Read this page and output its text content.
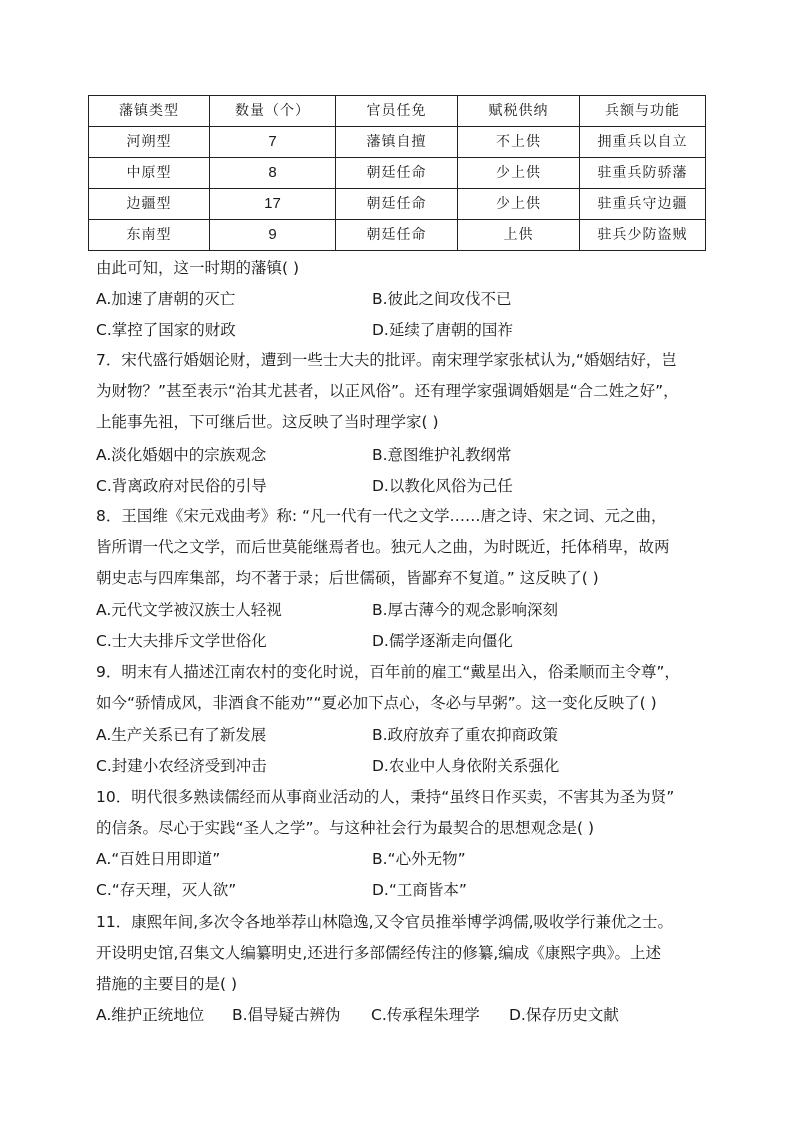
藩镇类型	数量（个）	官员任免	赋税供纳	兵额与功能
河朔型	7	藩镇自擅	不上供	拥重兵以自立
中原型	8	朝廷任命	少上供	驻重兵防骄藩
边疆型	17	朝廷任命	少上供	驻重兵守边疆
东南型	9	朝廷任命	上供	驻兵少防盗贼
由此可知，这一时期的藩镇( )
A.加速了唐朝的灭亡	B.彼此之间攻伐不已
C.掌控了国家的财政	D.延续了唐朝的国祚
7．宋代盛行婚姻论财，遭到一些士大夫的批评。南宋理学家张栻认为,“婚姻结好，岂
为财物？”甚至表示“治其尤甚者，以正风俗”。还有理学家强调婚姻是“合二姓之好”，
上能事先祖，下可继后世。这反映了当时理学家( )
A.淡化婚姻中的宗族观念	B.意图维护礼教纲常
C.背离政府对民俗的引导	D.以教化风俗为己任
8．王国维《宋元戏曲考》称: “凡一代有一代之文学……唐之诗、宋之词、元之曲，
皆所谓一代之文学，而后世莫能继焉者也。独元人之曲，为时既近，托体稍卑，故两
朝史志与四库集部，均不著于录；后世儒硕，皆鄙弃不复道。” 这反映了( )
A.元代文学被汉族士人轻视	B.厚古薄今的观念影响深刻
C.士大夫排斥文学世俗化	D.儒学逐渐走向僵化
9．明末有人描述江南农村的变化时说，百年前的雇工“戴星出入，俗柔顺而主令尊”，
如今“骄情成风，非酒食不能劝”“夏必加下点心，冬必与早粥”。这一变化反映了( )
A.生产关系已有了新发展	B.政府放弃了重农抑商政策
C.封建小农经济受到冲击	D.农业中人身依附关系强化
10．明代很多熟读儒经而从事商业活动的人，秉持“虽终日作买卖，不害其为圣为贤”
的信条。尽心于实践“圣人之学”。与这种社会行为最契合的思想观念是( )
A.“百姓日用即道”	B.“心外无物”
C.“存天理，灭人欲”	D.“工商皆本”
11．康熙年间,多次令各地举荐山林隐逸,又令官员推举博学鸿儒,吸收学行兼优之士。
开设明史馆,召集文人编纂明史,还进行多部儒经传注的修纂,编成《康熙字典》。上述
措施的主要目的是( )
A.维护正统地位 B.倡导疑古辨伪 C.传承程朱理学 D.保存历史文献
